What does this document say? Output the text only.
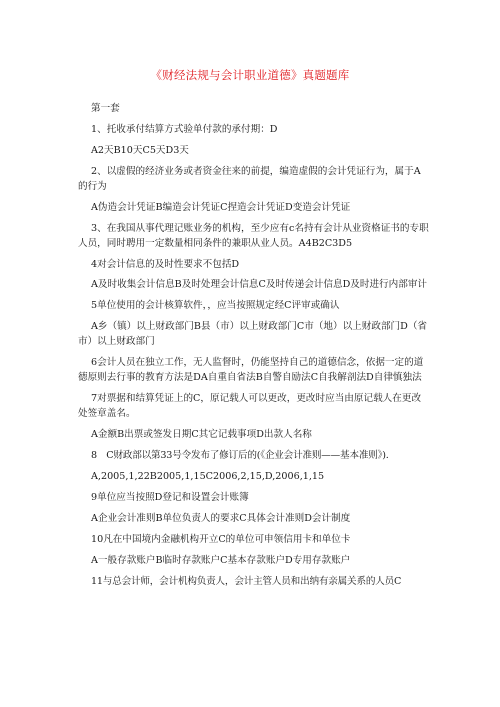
《财经法规与会计职业道德》真题题库

第一套

1、托收承付结算方式验单付款的承付期：D

A2天B10天C5天D3天

2、以虚假的经济业务或者资金往来的前提，编造虚假的会计凭证行为，属于A的行为

A伪造会计凭证B编造会计凭证C捏造会计凭证D变造会计凭证

3、在我国从事代理记账业务的机构，至少应有c名持有会计从业资格证书的专职人员，同时聘用一定数量相同条件的兼职从业人员。A4B2C3D5

4对会计信息的及时性要求不包括D

A及时收集会计信息B及时处理会计信息C及时传递会计信息D及时进行内部审计

5单位使用的会计核算软件，，应当按照规定经C评审或确认

A乡（镇）以上财政部门B县（市）以上财政部门C市（地）以上财政部门D（省市）以上财政部门

6会计人员在独立工作，无人监督时，仍能坚持自己的道德信念，依据一定的道德原则去行事的教育方法是DA自重自省法B自警自励法C自我解剖法D自律慎独法

7对票据和结算凭证上的C，原记载人可以更改，更改时应当由原记载人在更改处签章盖名。

A金额B出票或签发日期C其它记载事项D出款人名称

8　C财政部以第33号令发布了修订后的(《企业会计准则——基本准则》).

A,2005,1,22B2005,1,15C2006,2,15,D,2006,1,15

9单位应当按照D登记和设置会计账簿

A企业会计准则B单位负责人的要求C具体会计准则D会计制度

10凡在中国境内金融机构开立C的单位可申领信用卡和单位卡

A一般存款账户B临时存款账户C基本存款账户D专用存款账户

11与总会计师，会计机构负责人，会计主管人员和出纳有亲属关系的人员C
